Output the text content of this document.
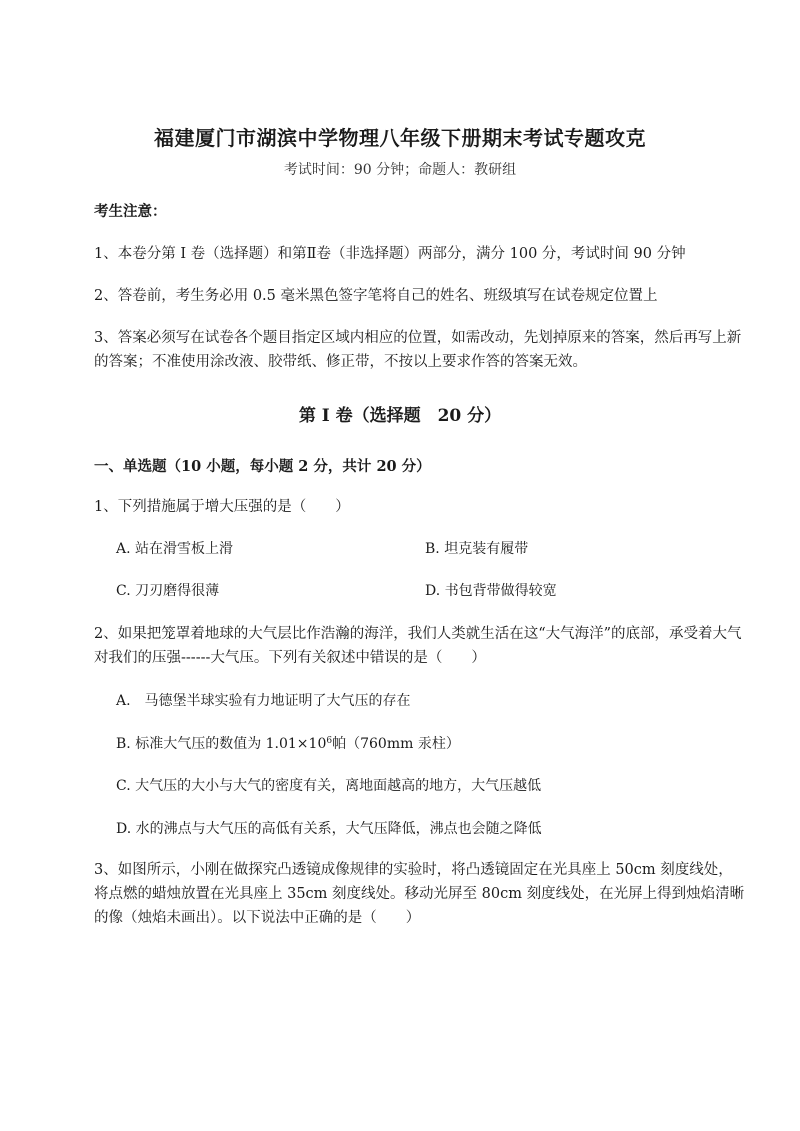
福建厦门市湖滨中学物理八年级下册期末考试专题攻克
考试时间：90 分钟；命题人：教研组
考生注意：
1、本卷分第 I 卷（选择题）和第Ⅱ卷（非选择题）两部分，满分 100 分，考试时间 90 分钟
2、答卷前，考生务必用 0.5 毫米黑色签字笔将自己的姓名、班级填写在试卷规定位置上
3、答案必须写在试卷各个题目指定区域内相应的位置，如需改动，先划掉原来的答案，然后再写上新的答案；不准使用涂改液、胶带纸、修正带，不按以上要求作答的答案无效。
第 I 卷（选择题　20 分）
一、单选题（10 小题，每小题 2 分，共计 20 分）
1、下列措施属于增大压强的是（　　）
A. 站在滑雪板上滑	B. 坦克装有履带
C. 刀刃磨得很薄	D. 书包背带做得较宽
2、如果把笼罩着地球的大气层比作浩瀚的海洋，我们人类就生活在这“大气海洋”的底部，承受着大气对我们的压强------大气压。下列有关叙述中错误的是（　　）
A.　马德堡半球实验有力地证明了大气压的存在
B. 标准大气压的数值为 $1.01\times 10^6$帕（760mm 汞柱）
C. 大气压的大小与大气的密度有关，离地面越高的地方，大气压越低
D. 水的沸点与大气压的高低有关系，大气压降低，沸点也会随之降低
3、如图所示，小刚在做探究凸透镜成像规律的实验时，将凸透镜固定在光具座上 50cm 刻度线处，将点燃的蜡烛放置在光具座上 35cm 刻度线处。移动光屏至 80cm 刻度线处，在光屏上得到烛焰清晰的像（烛焰未画出）。以下说法中正确的是（　　）
